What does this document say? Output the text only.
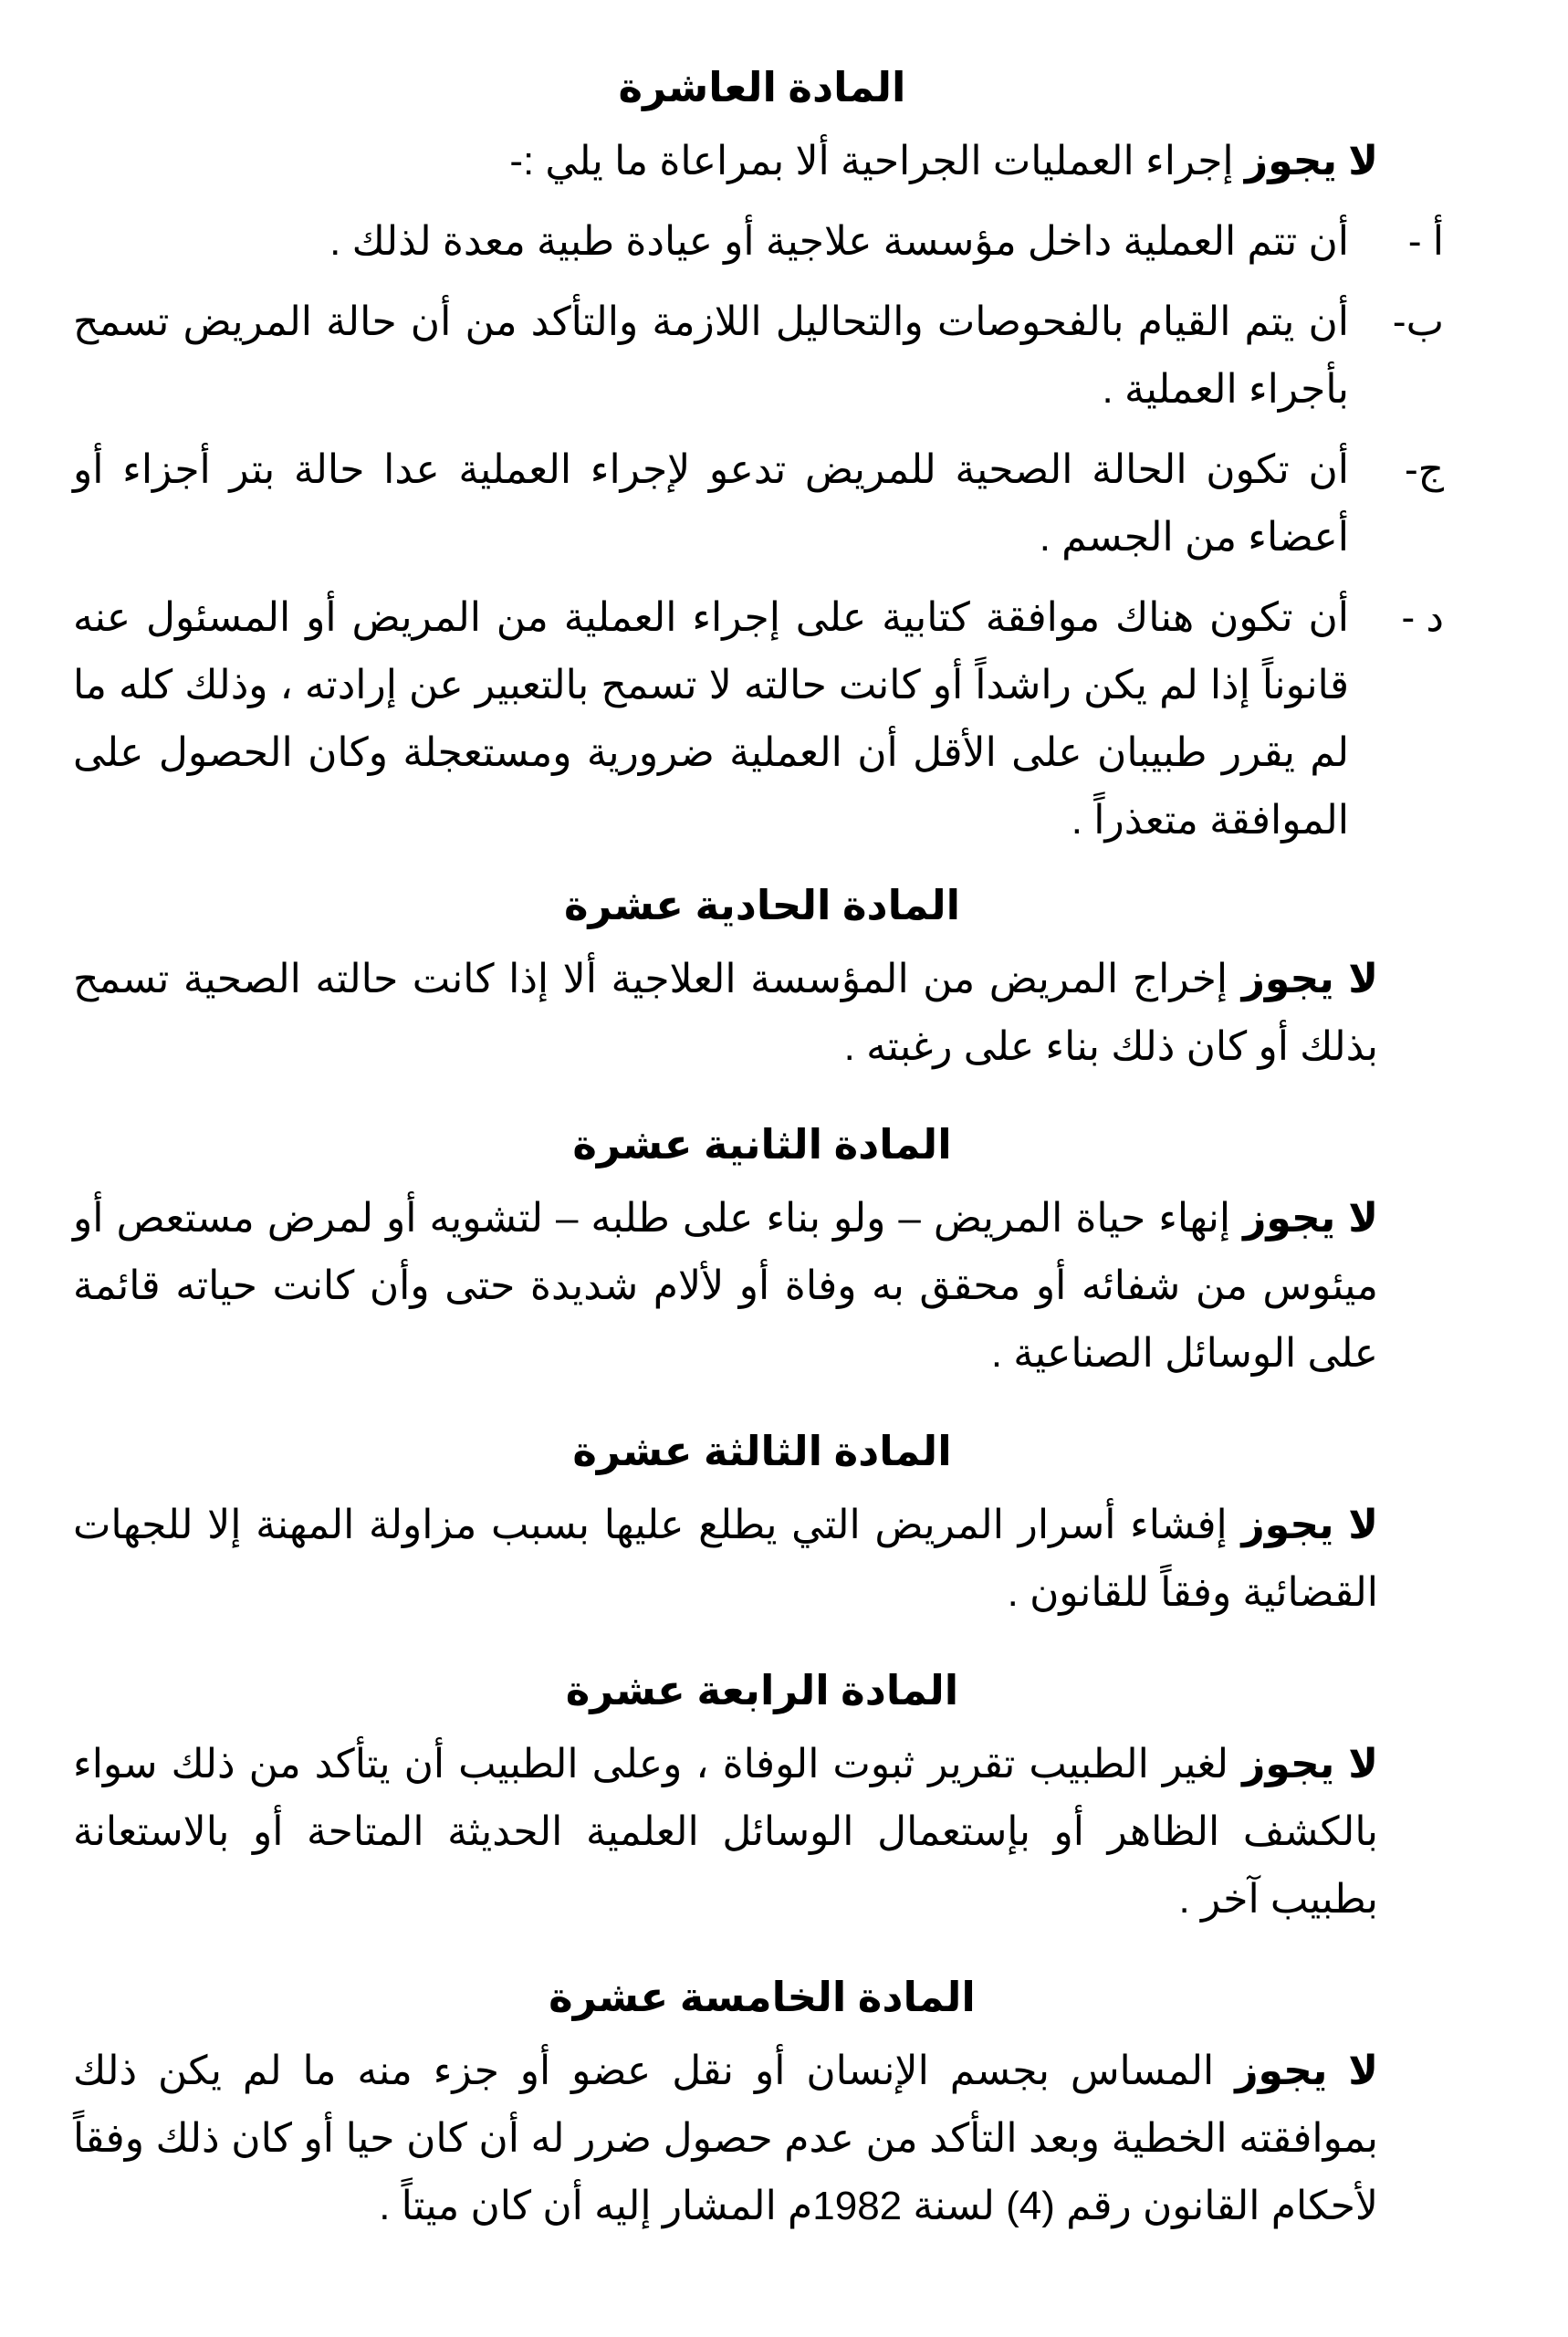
المادة العاشرة

لا يجوز إجراء العمليات الجراحية ألا بمراعاة ما يلي :-

أ -
أن تتم العملية داخل مؤسسة علاجية أو عيادة طبية معدة لذلك .
ب-
أن يتم القيام بالفحوصات والتحاليل اللازمة والتأكد من أن حالة المريض تسمح بأجراء العملية .
ج-
أن تكون الحالة الصحية للمريض تدعو لإجراء العملية عدا حالة بتر أجزاء أو أعضاء من الجسم .
د -
أن تكون هناك موافقة كتابية على إجراء العملية من المريض أو المسئول عنه قانوناً إذا لم يكن راشداً أو كانت حالته لا تسمح بالتعبير عن إرادته ، وذلك كله ما لم يقرر طبيبان على الأقل أن العملية ضرورية ومستعجلة وكان الحصول على الموافقة متعذراً .
المادة الحادية عشرة

لا يجوز إخراج المريض من المؤسسة العلاجية ألا إذا كانت حالته الصحية تسمح بذلك أو كان ذلك بناء على رغبته .

المادة الثانية عشرة

لا يجوز إنهاء حياة المريض – ولو بناء على طلبه – لتشويه أو لمرض مستعص أو ميئوس من شفائه أو محقق به وفاة أو لألام شديدة حتى وأن كانت حياته قائمة على الوسائل الصناعية .

المادة الثالثة عشرة

لا يجوز إفشاء أسرار المريض التي يطلع عليها بسبب مزاولة المهنة إلا للجهات القضائية وفقاً للقانون .

المادة الرابعة عشرة

لا يجوز لغير الطبيب تقرير ثبوت الوفاة ، وعلى الطبيب أن يتأكد من ذلك سواء بالكشف الظاهر أو بإستعمال الوسائل العلمية الحديثة المتاحة أو بالاستعانة بطبيب آخر .

المادة الخامسة عشرة

لا يجوز المساس بجسم الإنسان أو نقل عضو أو جزء منه ما لم يكن ذلك بموافقته الخطية وبعد التأكد من عدم حصول ضرر له أن كان حيا أو كان ذلك وفقاً لأحكام القانون رقم (4) لسنة 1982م المشار إليه أن كان ميتاً .
